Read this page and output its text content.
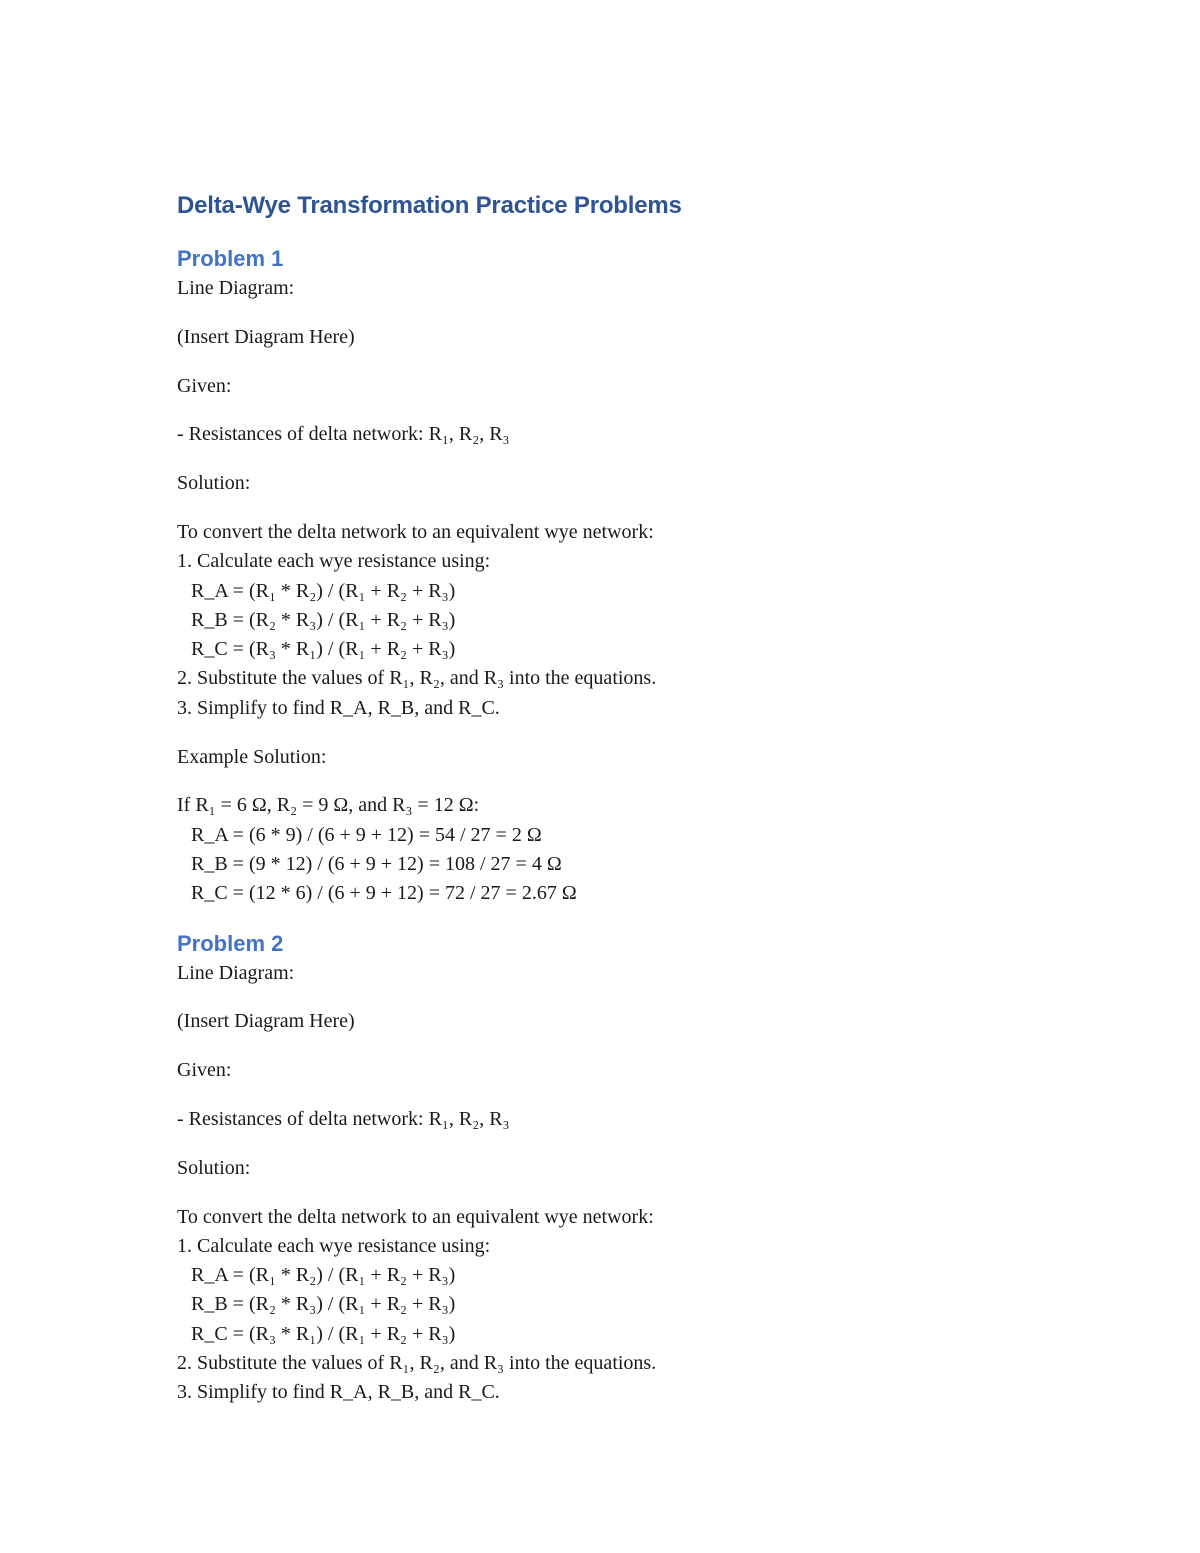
Delta-Wye Transformation Practice Problems
Problem 1

Line Diagram:

(Insert Diagram Here)

Given:

- Resistances of delta network: R₁, R₂, R₃

Solution:

To convert the delta network to an equivalent wye network:

1. Calculate each wye resistance using:

R_A = (R₁ * R₂) / (R₁ + R₂ + R₃)

R_B = (R₂ * R₃) / (R₁ + R₂ + R₃)

R_C = (R₃ * R₁) / (R₁ + R₂ + R₃)

2. Substitute the values of R₁, R₂, and R₃ into the equations.

3. Simplify to find R_A, R_B, and R_C.

Example Solution:

If R₁ = 6 Ω, R₂ = 9 Ω, and R₃ = 12 Ω:

R_A = (6 * 9) / (6 + 9 + 12) = 54 / 27 = 2 Ω

R_B = (9 * 12) / (6 + 9 + 12) = 108 / 27 = 4 Ω

R_C = (12 * 6) / (6 + 9 + 12) = 72 / 27 = 2.67 Ω

Problem 2

Line Diagram:

(Insert Diagram Here)

Given:

- Resistances of delta network: R₁, R₂, R₃

Solution:

To convert the delta network to an equivalent wye network:

1. Calculate each wye resistance using:

R_A = (R₁ * R₂) / (R₁ + R₂ + R₃)

R_B = (R₂ * R₃) / (R₁ + R₂ + R₃)

R_C = (R₃ * R₁) / (R₁ + R₂ + R₃)

2. Substitute the values of R₁, R₂, and R₃ into the equations.

3. Simplify to find R_A, R_B, and R_C.
